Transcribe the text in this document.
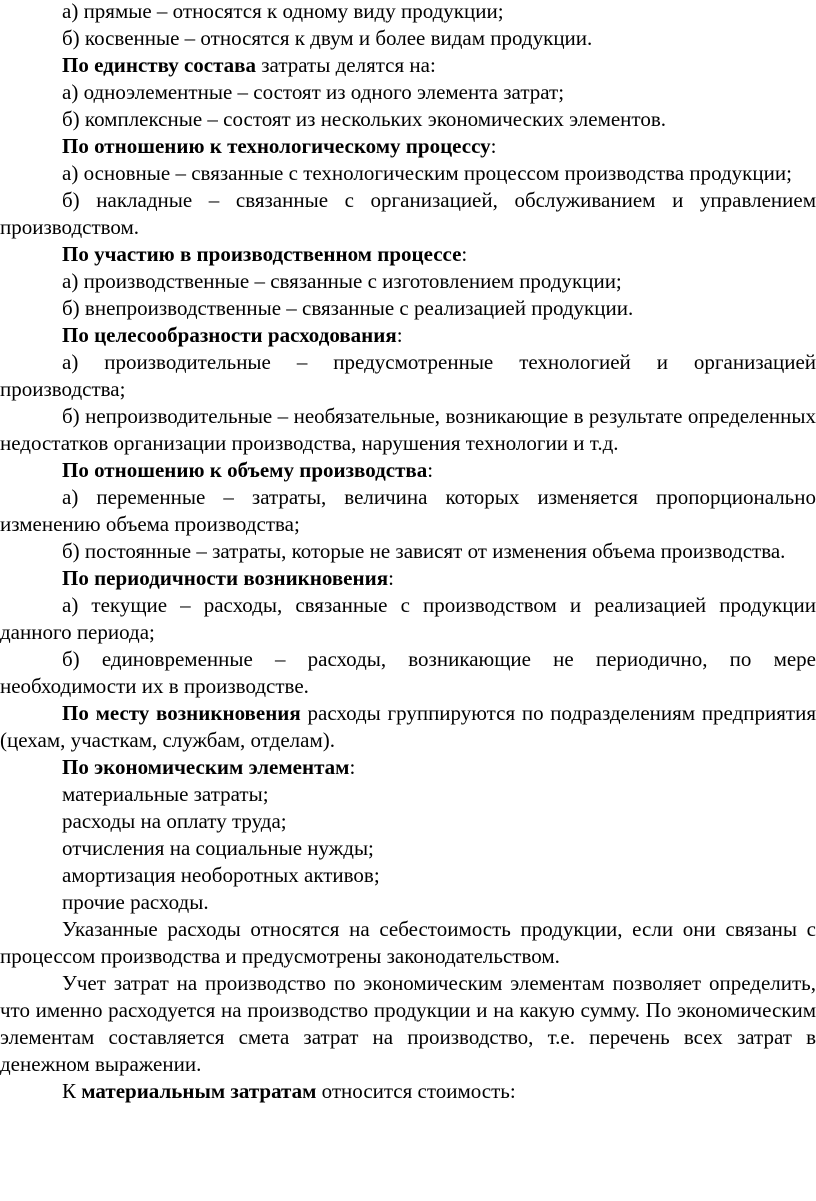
а) прямые – относятся к одному виду продукции;

б) косвенные – относятся к двум и более видам продукции.

По единству состава затраты делятся на:

а) одноэлементные – состоят из одного элемента затрат;

б) комплексные – состоят из нескольких экономических элементов.

По отношению к технологическому процессу:

а) основные – связанные с технологическим процессом производства продукции;

б) накладные – связанные с организацией, обслуживанием и управлением производством.

По участию в производственном процессе:

а) производственные – связанные с изготовлением продукции;

б) внепроизводственные – связанные с реализацией продукции.

По целесообразности расходования:

а) производительные – предусмотренные технологией и организацией производства;

б) непроизводительные – необязательные, возникающие в результате определенных недостатков организации производства, нарушения технологии и т.д.

По отношению к объему производства:

а) переменные – затраты, величина которых изменяется пропорционально изменению объема производства;

б) постоянные – затраты, которые не зависят от изменения объема производства.

По периодичности возникновения:

а) текущие – расходы, связанные с производством и реализацией продукции данного периода;

б) единовременные – расходы, возникающие не периодично, по мере необходимости их в производстве.

По месту возникновения расходы группируются по подразделениям предприятия (цехам, участкам, службам, отделам).

По экономическим элементам:

материальные затраты;

расходы на оплату труда;

отчисления на социальные нужды;

амортизация необоротных активов;

прочие расходы.

Указанные расходы относятся на себестоимость продукции, если они связаны с процессом производства и предусмотрены законодательством.

Учет затрат на производство по экономическим элементам позволяет определить, что именно расходуется на производство продукции и на какую сумму. По экономическим элементам составляется смета затрат на производство, т.е. перечень всех затрат в денежном выражении.

К материальным затратам относится стоимость:
